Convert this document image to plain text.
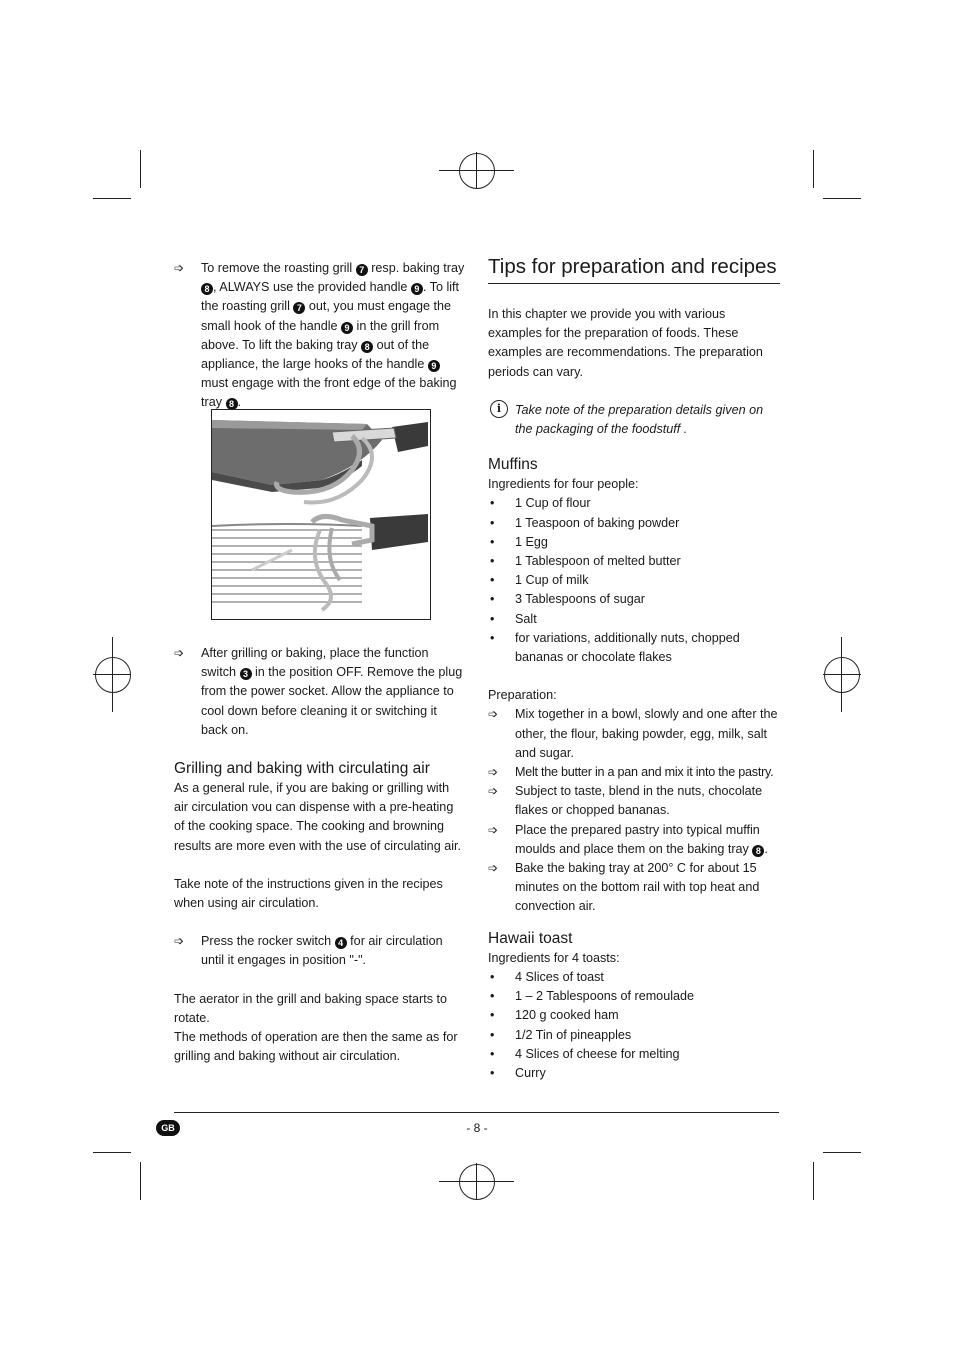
➩	To remove the roasting grill 7 resp. baking tray 8 , ALWAYS use the provided handle 9 . To lift the roasting grill 7 out, you must engage the small hook of the handle 9 in the grill from above. To lift the baking tray 8 out of the appliance, the large hooks of the handle 9 must engage with the front edge of the baking tray 8 .
➩	After grilling or baking, place the function switch 3 in the position OFF. Remove the plug from the power socket. Allow the appliance to cool down before cleaning it or switching it back on.
Grilling and baking with circulating air

As a general rule, if you are baking or grilling with air circulation vou can dispense with a pre-heating of the cooking space. The cooking and browning results are more even with the use of circulating air.

Take note of the instructions given in the recipes when using air circulation.

➩	Press the rocker switch 4 for air circulation until it engages in position "-".

The aerator in the grill and baking space starts to rotate.

The methods of operation are then the same as for grilling and baking without air circulation.

Tips for preparation and recipes

In this chapter we provide you with various examples for the preparation of foods. These examples are recommendations. The preparation periods can vary.

i	Take note of the preparation details given on the packaging of the foodstuff .
Muffins

Ingredients for four people:

• 1 Cup of flour
• 1 Teaspoon of baking powder
• 1 Egg
• 1 Tablespoon of melted butter
• 1 Cup of milk
• 3 Tablespoons of sugar
• Salt
• for variations, additionally nuts, chopped bananas or chocolate flakes

Preparation:

➩	Mix together in a bowl, slowly and one after the other, the flour, baking powder, egg, milk, salt and sugar.
➩	Melt the butter in a pan and mix it into the pastry.
➩	Subject to taste, blend in the nuts, chocolate flakes or chopped bananas.
➩	Place the prepared pastry into typical muffin moulds and place them on the baking tray 8 .
➩	Bake the baking tray at 200° C for about 15 minutes on the bottom rail with top heat and convection air.
Hawaii toast

Ingredients for 4 toasts:

• 4 Slices of toast
• 1 – 2 Tablespoons of remoulade
• 120 g cooked ham
• 1/2 Tin of pineapples
• 4 Slices of cheese for melting
• Curry
GB	- 8 -
